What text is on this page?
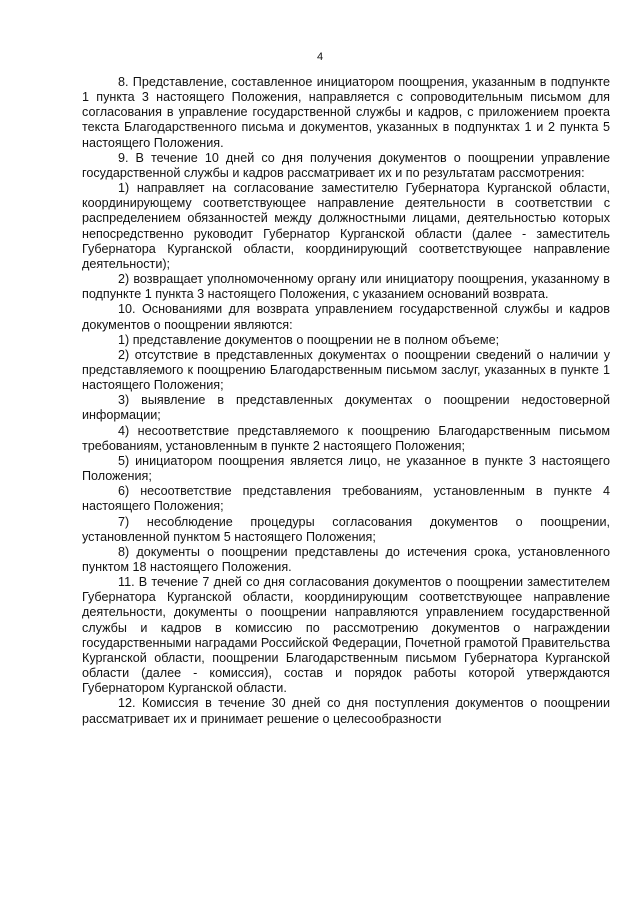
4

8. Представление, составленное инициатором поощрения, указанным в подпункте 1 пункта 3 настоящего Положения, направляется с сопроводительным письмом для согласования в управление государственной службы и кадров, с приложением проекта текста Благодарственного письма и документов, указанных в подпунктах 1 и 2 пункта 5 настоящего Положения.

9. В течение 10 дней со дня получения документов о поощрении управление государственной службы и кадров рассматривает их и по результатам рассмотрения:

1) направляет на согласование заместителю Губернатора Курганской области, координирующему соответствующее направление деятельности в соответствии с распределением обязанностей между должностными лицами, деятельностью которых непосредственно руководит Губернатор Курганской области (далее - заместитель Губернатора Курганской области, координирующий соответствующее направление деятельности);

2) возвращает уполномоченному органу или инициатору поощрения, указанному в подпункте 1 пункта 3 настоящего Положения, с указанием оснований возврата.

10. Основаниями для возврата управлением государственной службы и кадров документов о поощрении являются:

1) представление документов о поощрении не в полном объеме;

2) отсутствие в представленных документах о поощрении сведений о наличии у представляемого к поощрению Благодарственным письмом заслуг, указанных в пункте 1 настоящего Положения;

3) выявление в представленных документах о поощрении недостоверной информации;

4) несоответствие представляемого к поощрению Благодарственным письмом требованиям, установленным в пункте 2 настоящего Положения;

5) инициатором поощрения является лицо, не указанное в пункте 3 настоящего Положения;

6) несоответствие представления требованиям, установленным в пункте 4 настоящего Положения;

7) несоблюдение процедуры согласования документов о поощрении, установленной пунктом 5 настоящего Положения;

8) документы о поощрении представлены до истечения срока, установленного пунктом 18 настоящего Положения.

11. В течение 7 дней со дня согласования документов о поощрении заместителем Губернатора Курганской области, координирующим соответствующее направление деятельности, документы о поощрении направляются управлением государственной службы и кадров в комиссию по рассмотрению документов о награждении государственными наградами Российской Федерации, Почетной грамотой Правительства Курганской области, поощрении Благодарственным письмом Губернатора Курганской области (далее - комиссия), состав и порядок работы которой утверждаются Губернатором Курганской области.

12. Комиссия в течение 30 дней со дня поступления документов о поощрении рассматривает их и принимает решение о целесообразности
